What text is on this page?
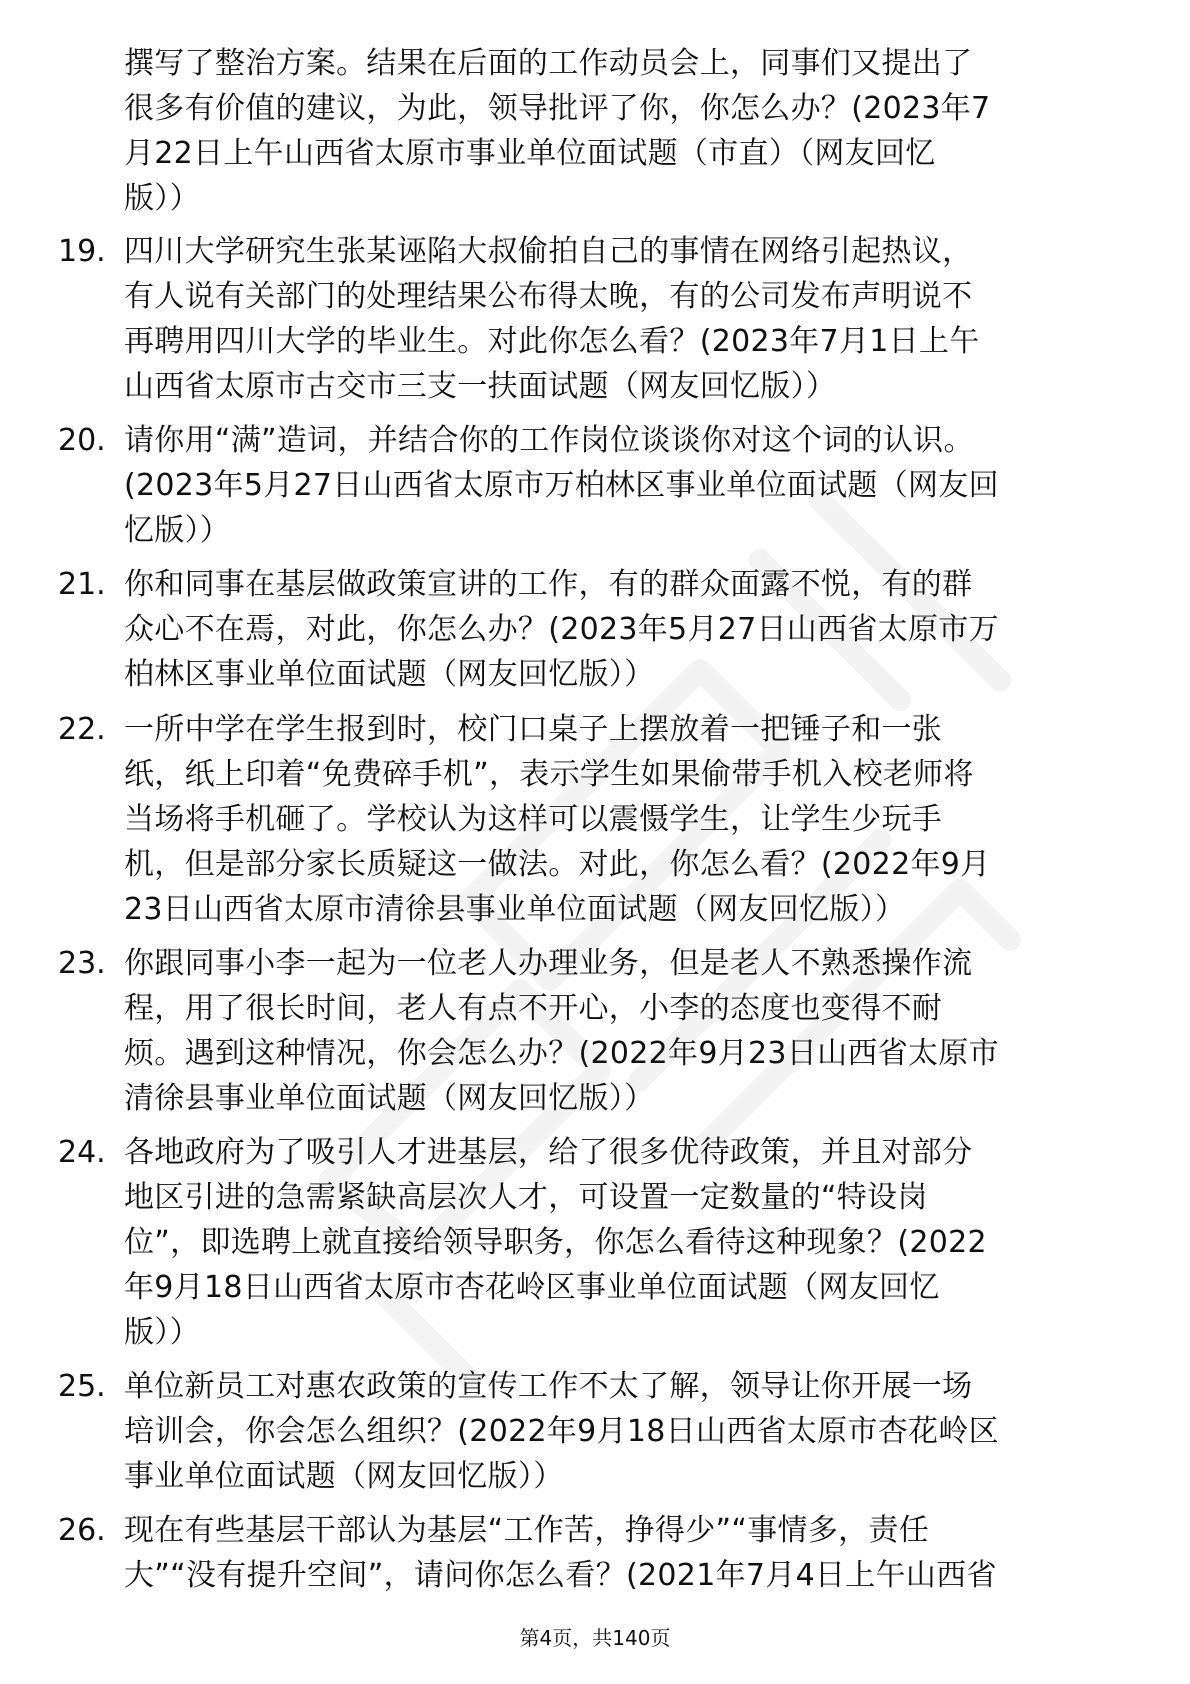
撰写了整治方案。结果在后面的工作动员会上，同事们又提出了
很多有价值的建议，为此，领导批评了你，你怎么办？(2023年7
月22日上午山西省太原市事业单位面试题（市直）（网友回忆
版））
19. 四川大学研究生张某诬陷大叔偷拍自己的事情在网络引起热议，
有人说有关部门的处理结果公布得太晚，有的公司发布声明说不
再聘用四川大学的毕业生。对此你怎么看？(2023年7月1日上午
山西省太原市古交市三支一扶面试题（网友回忆版））
20. 请你用“满”造词，并结合你的工作岗位谈谈你对这个词的认识。
(2023年5月27日山西省太原市万柏林区事业单位面试题（网友回
忆版））
21. 你和同事在基层做政策宣讲的工作，有的群众面露不悦，有的群
众心不在焉，对此，你怎么办？(2023年5月27日山西省太原市万
柏林区事业单位面试题（网友回忆版））
22. 一所中学在学生报到时，校门口桌子上摆放着一把锤子和一张
纸，纸上印着“免费碎手机”，表示学生如果偷带手机入校老师将
当场将手机砸了。学校认为这样可以震慑学生，让学生少玩手
机，但是部分家长质疑这一做法。对此，你怎么看？(2022年9月
23日山西省太原市清徐县事业单位面试题（网友回忆版））
23. 你跟同事小李一起为一位老人办理业务，但是老人不熟悉操作流
程，用了很长时间，老人有点不开心，小李的态度也变得不耐
烦。遇到这种情况，你会怎么办？(2022年9月23日山西省太原市
清徐县事业单位面试题（网友回忆版））
24. 各地政府为了吸引人才进基层，给了很多优待政策，并且对部分
地区引进的急需紧缺高层次人才，可设置一定数量的“特设岗
位”，即选聘上就直接给领导职务，你怎么看待这种现象？(2022
年9月18日山西省太原市杏花岭区事业单位面试题（网友回忆
版））
25. 单位新员工对惠农政策的宣传工作不太了解，领导让你开展一场
培训会，你会怎么组织？(2022年9月18日山西省太原市杏花岭区
事业单位面试题（网友回忆版））
26. 现在有些基层干部认为基层“工作苦，挣得少”“事情多，责任
大”“没有提升空间”，请问你怎么看？(2021年7月4日上午山西省
第4页，共140页
